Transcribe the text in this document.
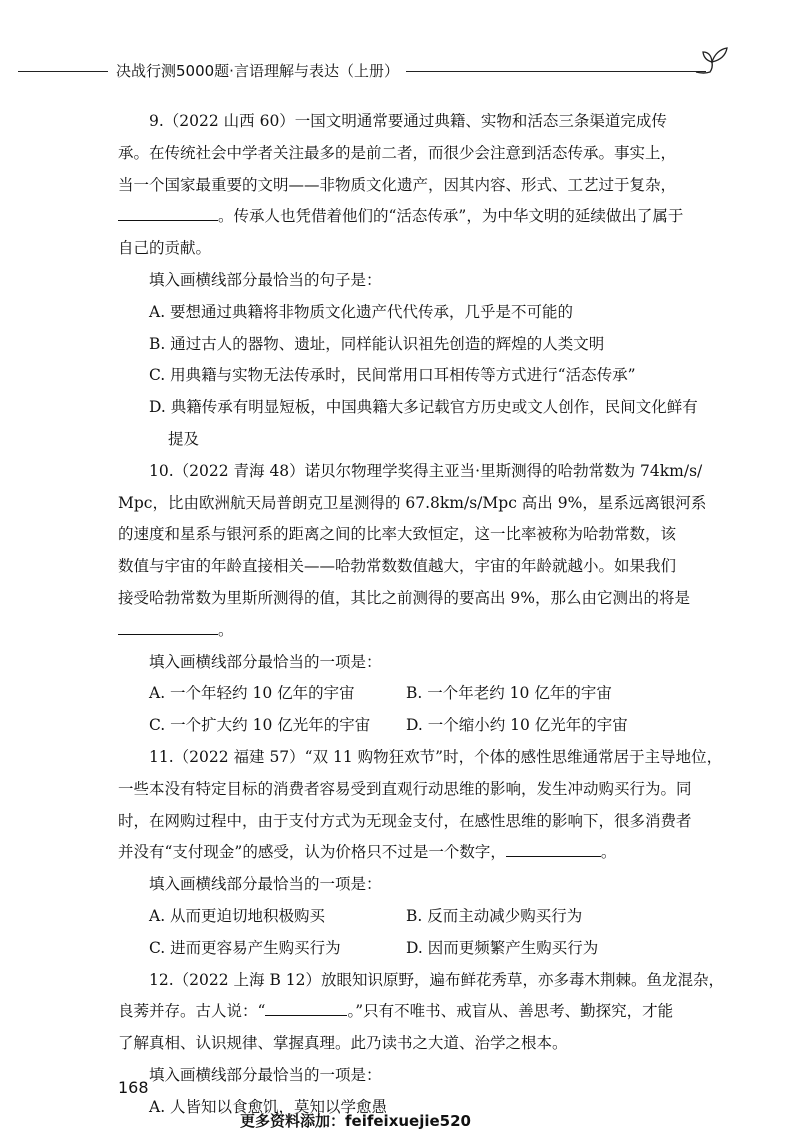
决战行测5000题·言语理解与表达（上册）
9.（2022 山西 60）一国文明通常要通过典籍、实物和活态三条渠道完成传
承。在传统社会中学者关注最多的是前二者，而很少会注意到活态传承。事实上，
当一个国家最重要的文明——非物质文化遗产，因其内容、形式、工艺过于复杂，
。传承人也凭借着他们的“活态传承”，为中华文明的延续做出了属于
自己的贡献。
填入画横线部分最恰当的句子是：
A. 要想通过典籍将非物质文化遗产代代传承，几乎是不可能的
B. 通过古人的器物、遗址，同样能认识祖先创造的辉煌的人类文明
C. 用典籍与实物无法传承时，民间常用口耳相传等方式进行“活态传承”
D. 典籍传承有明显短板，中国典籍大多记载官方历史或文人创作，民间文化鲜有
提及
10.（2022 青海 48）诺贝尔物理学奖得主亚当·里斯测得的哈勃常数为 74km/s/
Mpc，比由欧洲航天局普朗克卫星测得的 67.8km/s/Mpc 高出 9%，星系远离银河系
的速度和星系与银河系的距离之间的比率大致恒定，这一比率被称为哈勃常数，该
数值与宇宙的年龄直接相关——哈勃常数数值越大，宇宙的年龄就越小。如果我们
接受哈勃常数为里斯所测得的值，其比之前测得的要高出 9%，那么由它测出的将是
。
填入画横线部分最恰当的一项是：
A. 一个年轻约 10 亿年的宇宙	B. 一个年老约 10 亿年的宇宙
C. 一个扩大约 10 亿光年的宇宙	D. 一个缩小约 10 亿光年的宇宙
11.（2022 福建 57）“双 11 购物狂欢节”时，个体的感性思维通常居于主导地位，
一些本没有特定目标的消费者容易受到直观行动思维的影响，发生冲动购买行为。同
时，在网购过程中，由于支付方式为无现金支付，在感性思维的影响下，很多消费者
并没有“支付现金”的感受，认为价格只不过是一个数字，	。
填入画横线部分最恰当的一项是：
A. 从而更迫切地积极购买	B. 反而主动减少购买行为
C. 进而更容易产生购买行为	D. 因而更频繁产生购买行为
12.（2022 上海 B 12）放眼知识原野，遍布鲜花秀草，亦多毒木荆棘。鱼龙混杂，
良莠并存。古人说：“	。”只有不唯书、戒盲从、善思考、勤探究，才能
了解真相、认识规律、掌握真理。此乃读书之大道、治学之根本。
填入画横线部分最恰当的一项是：
A. 人皆知以食愈饥，莫知以学愈愚
168
更多资料添加：feifeixuejie520
